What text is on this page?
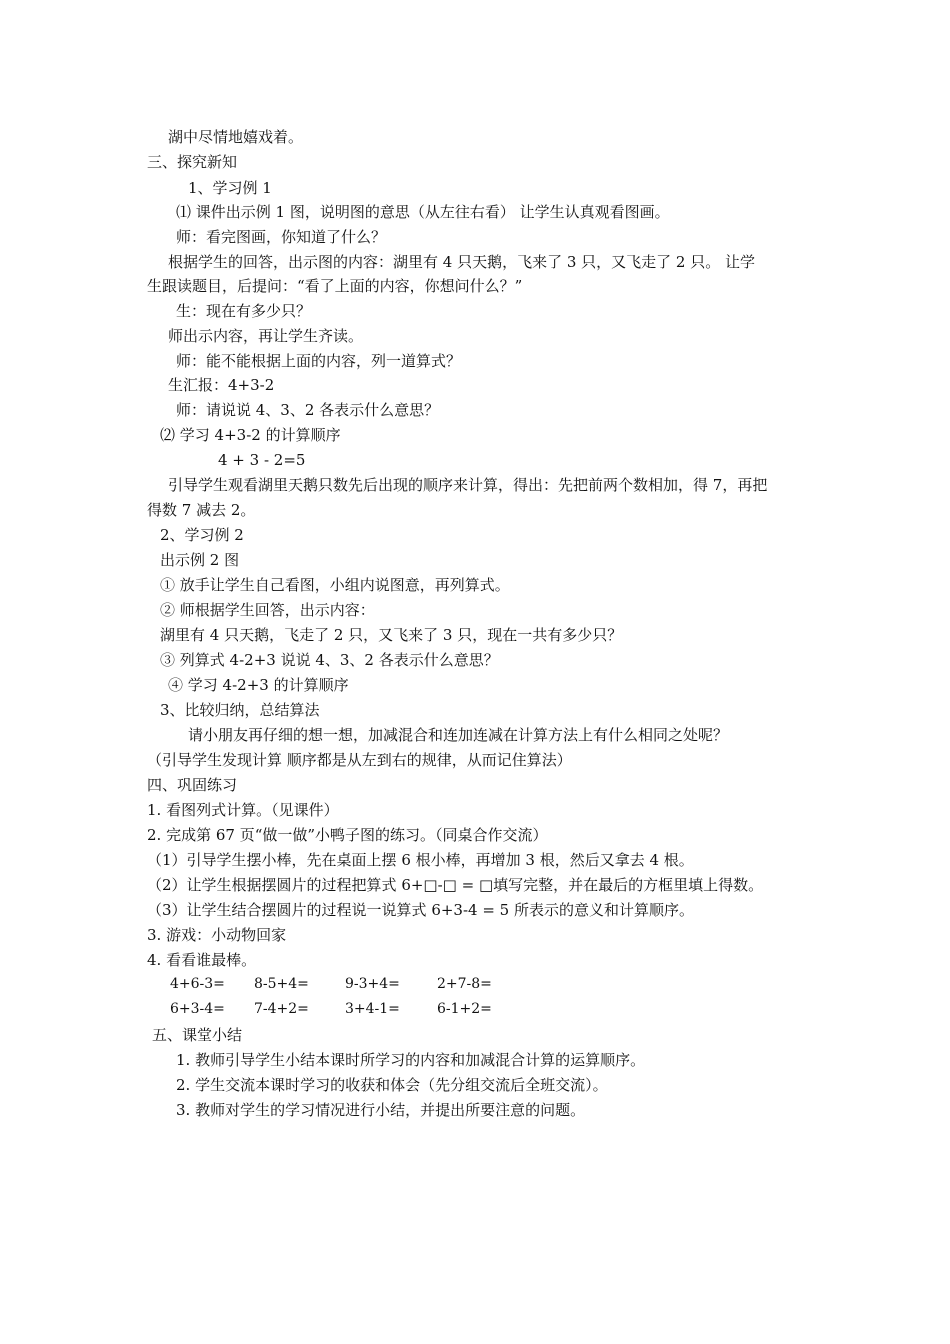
湖中尽情地嬉戏着。
三、探究新知
1、学习例 1
⑴ 课件出示例 1 图，说明图的意思（从左往右看） 让学生认真观看图画。
师：看完图画，你知道了什么？
根据学生的回答，出示图的内容：湖里有 4 只天鹅，飞来了 3 只，又飞走了 2 只。 让学
生跟读题目，后提问：“看了上面的内容，你想问什么？”
生：现在有多少只？
师出示内容，再让学生齐读。
师：能不能根据上面的内容，列一道算式？
生汇报：4+3-2
师：请说说 4、3、2 各表示什么意思？
⑵ 学习 4+3-2 的计算顺序
4 + 3 - 2=5
引导学生观看湖里天鹅只数先后出现的顺序来计算，得出：先把前两个数相加，得 7，再把
得数 7 减去 2。
2、学习例 2
出示例 2 图
① 放手让学生自己看图，小组内说图意，再列算式。
② 师根据学生回答，出示内容：
湖里有 4 只天鹅，飞走了 2 只，又飞来了 3 只，现在一共有多少只？
③ 列算式 4-2+3 说说 4、3、2 各表示什么意思？
④ 学习 4-2+3 的计算顺序
3、比较归纳，总结算法
请小朋友再仔细的想一想，加减混合和连加连减在计算方法上有什么相同之处呢？
（引导学生发现计算 顺序都是从左到右的规律，从而记住算法）
四、巩固练习
1. 看图列式计算。（见课件）
2. 完成第 67 页“做一做”小鸭子图的练习。（同桌合作交流）
（1）引导学生摆小棒，先在桌面上摆 6 根小棒，再增加 3 根，然后又拿去 4 根。
（2）让学生根据摆圆片的过程把算式 6+□-□ = □填写完整，并在最后的方框里填上得数。
（3）让学生结合摆圆片的过程说一说算式 6+3-4 = 5 所表示的意义和计算顺序。
3. 游戏：小动物回家
4. 看看谁最棒。
4+6-3= 8-5+4=	9-3+4=	2+7-8=
6+3-4= 7-4+2=	3+4-1=	6-1+2=
五、课堂小结
1. 教师引导学生小结本课时所学习的内容和加减混合计算的运算顺序。
2. 学生交流本课时学习的收获和体会（先分组交流后全班交流）。
3. 教师对学生的学习情况进行小结，并提出所要注意的问题。
